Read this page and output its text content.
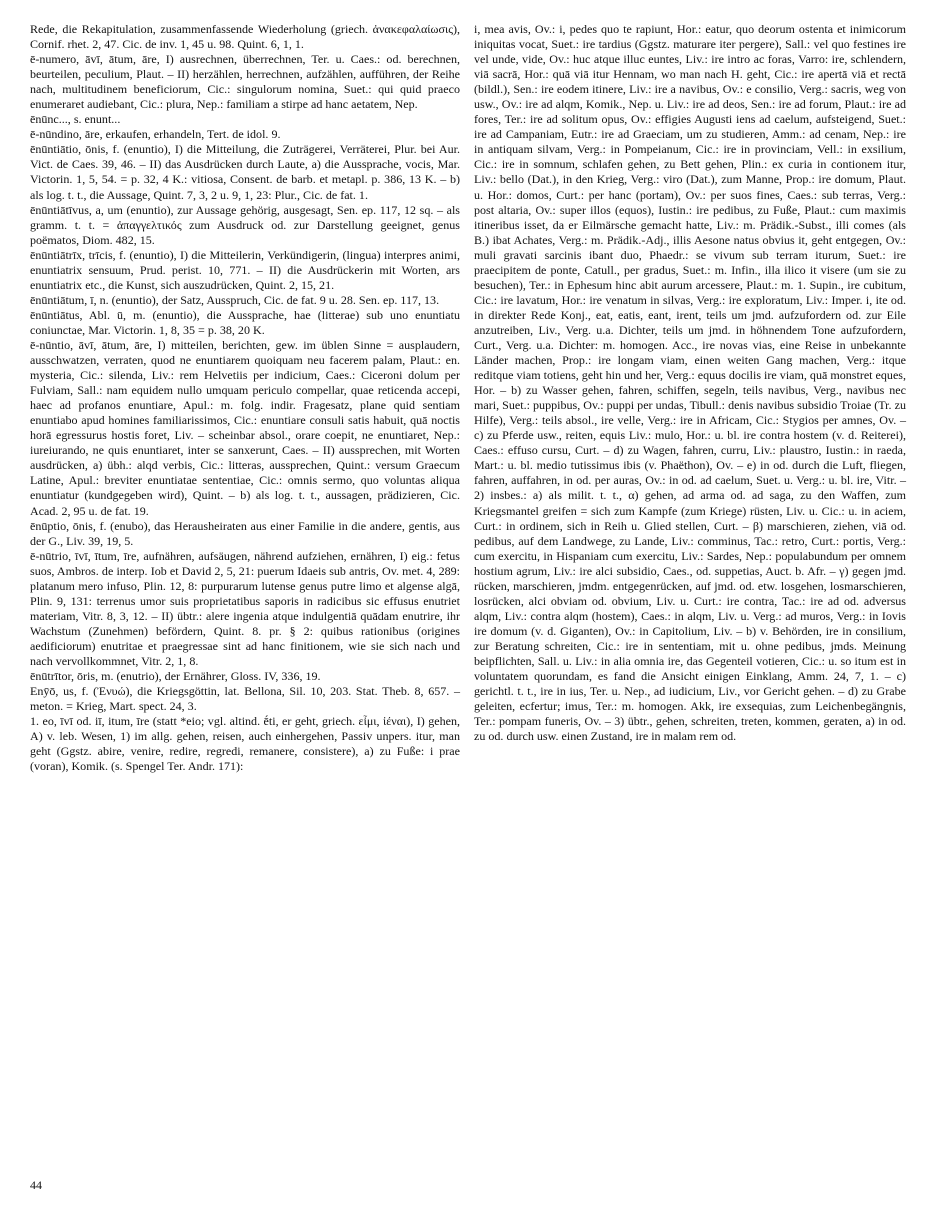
Rede, die Rekapitulation, zusammenfassende Wiederholung (griech. ἀνακεφαλαίωσις), Cornif. rhet. 2, 47. Cic. de inv. 1, 45 u. 98. Quint. 6, 1, 1.

ē-numero, āvī, ātum, āre, I) ausrechnen, überrechnen, Ter. u. Caes.: od. berechnen, beurteilen, peculium, Plaut. – II) herzählen, herrechnen, aufzählen, aufführen, der Reihe nach, multitudinem beneficiorum, Cic.: singulorum nomina, Suet.: qui quid praeco enumeraret audiebant, Cic.: plura, Nep.: familiam a stirpe ad hanc aetatem, Nep.

ēnūnc..., s. enunt...

ē-nūndino, āre, erkaufen, erhandeln, Tert. de idol. 9.

ēnūntiātio, ōnis, f. (enuntio), I) die Mitteilung, die Zuträgerei, Verräterei, Plur. bei Aur. Vict. de Caes. 39, 46. – II) das Ausdrücken durch Laute, a) die Aussprache, vocis, Mar. Victorin. 1, 5, 54. = p. 32, 4 K.: vitiosa, Consent. de barb. et metapl. p. 386, 13 K. – b) als log. t. t., die Aussage, Quint. 7, 3, 2 u. 9, 1, 23: Plur., Cic. de fat. 1.

ēnūntiātīvus, a, um (enuntio), zur Aussage gehörig, ausgesagt, Sen. ep. 117, 12 sq. – als gramm. t. t. = ἀπαγγελτικός zum Ausdruck od. zur Darstellung geeignet, genus poëmatos, Diom. 482, 15.

ēnūntiātrīx, trīcis, f. (enuntio), I) die Mitteilerin, Verkündigerin, (lingua) interpres animi, enuntiatrix sensuum, Prud. perist. 10, 771. – II) die Ausdrückerin mit Worten, ars enuntiatrix etc., die Kunst, sich auszudrücken, Quint. 2, 15, 21.

ēnūntiātum, ī, n. (enuntio), der Satz, Ausspruch, Cic. de fat. 9 u. 28. Sen. ep. 117, 13.

ēnūntiātus, Abl. ū, m. (enuntio), die Aussprache, hae (litterae) sub uno enuntiatu coniunctae, Mar. Victorin. 1, 8, 35 = p. 38, 20 K.

ē-nūntio, āvī, ātum, āre, I) mitteilen, berichten, gew. im üblen Sinne = ausplaudern, ausschwatzen, verraten, quod ne enuntiarem quoiquam neu facerem palam, Plaut.: en. mysteria, Cic.: silenda, Liv.: rem Helvetiis per indicium, Caes.: Ciceroni dolum per Fulviam, Sall.: nam equidem nullo umquam periculo compellar, quae reticenda accepi, haec ad profanos enuntiare, Apul.: m. folg. indir. Fragesatz, plane quid sentiam enuntiabo apud homines familiarissimos, Cic.: enuntiare consuli satis habuit, quā noctis horā egressurus hostis foret, Liv. – scheinbar absol., orare coepit, ne enuntiaret, Nep.: iureiurando, ne quis enuntiaret, inter se sanxerunt, Caes. – II) aussprechen, mit Worten ausdrücken, a) übh.: alqd verbis, Cic.: litteras, aussprechen, Quint.: versum Graecum Latine, Apul.: breviter enuntiatae sententiae, Cic.: omnis sermo, quo voluntas aliqua enuntiatur (kundgegeben wird), Quint. – b) als log. t. t., aussagen, prädizieren, Cic. Acad. 2, 95 u. de fat. 19.

ēnūptio, ōnis, f. (enubo), das Herausheiraten aus einer Familie in die andere, gentis, aus der G., Liv. 39, 19, 5.

ē-nūtrio, īvī, ītum, īre, aufnähren, aufsäugen, nährend aufziehen, ernähren, I) eig.: fetus suos, Ambros. de interp. Iob et David 2, 5, 21: puerum Idaeis sub antris, Ov. met. 4, 289: platanum mero infuso, Plin. 12, 8: purpurarum lutense genus putre limo et algense algā, Plin. 9, 131: terrenus umor suis proprietatibus saporis in radicibus sic effusus enutriet materiam, Vitr. 8, 3, 12. – II) übtr.: alere ingenia atque indulgentiā quādam enutrire, ihr Wachstum (Zunehmen) befördern, Quint. 8. pr. § 2: quibus rationibus (origines aedificiorum) enutritae et praegressae sint ad hanc finitionem, wie sie sich nach und nach vervollkommnet, Vitr. 2, 1, 8.

ēnūtrītor, ōris, m. (enutrio), der Ernährer, Gloss. IV, 336, 19.

Enȳō, us, f. (Ἐνυώ), die Kriegsgöttin, lat. Bellona, Sil. 10, 203. Stat. Theb. 8, 657. – meton. = Krieg, Mart. spect. 24, 3.

1. eo, īvī od. iī, itum, īre (statt *eio; vgl. altind. ḗti, er geht, griech. εἶμι, ἰέναι), I) gehen, A) v. leb. Wesen, 1) im allg. gehen, reisen, auch einhergehen, Passiv unpers. itur, man geht (Ggstz. abire, venire, redire, regredi, remanere, consistere), a) zu Fuße: i prae (voran), Komik. (s. Spengel Ter. Andr. 171):

i, mea avis, Ov.: i, pedes quo te rapiunt, Hor.: eatur, quo deorum ostenta et inimicorum iniquitas vocat, Suet.: ire tardius (Ggstz. maturare iter pergere), Sall.: vel quo festines ire vel unde, vide, Ov.: huc atque illuc euntes, Liv.: ire intro ac foras, Varro: ire, schlendern, viā sacrā, Hor.: quā viā itur Hennam, wo man nach H. geht, Cic.: ire apertā viā et rectā (bildl.), Sen.: ire eodem itinere, Liv.: ire a navibus, Ov.: e consilio, Verg.: sacris, weg von usw., Ov.: ire ad alqm, Komik., Nep. u. Liv.: ire ad deos, Sen.: ire ad forum, Plaut.: ire ad fores, Ter.: ire ad solitum opus, Ov.: effigies Augusti iens ad caelum, aufsteigend, Suet.: ire ad Campaniam, Eutr.: ire ad Graeciam, um zu studieren, Amm.: ad cenam, Nep.: ire in antiquam silvam, Verg.: in Pompeianum, Cic.: ire in provinciam, Vell.: in exsilium, Cic.: ire in somnum, schlafen gehen, zu Bett gehen, Plin.: ex curia in contionem itur, Liv.: bello (Dat.), in den Krieg, Verg.: viro (Dat.), zum Manne, Prop.: ire domum, Plaut. u. Hor.: domos, Curt.: per hanc (portam), Ov.: per suos fines, Caes.: sub terras, Verg.: post altaria, Ov.: super illos (equos), Iustin.: ire pedibus, zu Fuße, Plaut.: cum maximis itineribus isset, da er Eilmärsche gemacht hatte, Liv.: m. Prädik.-Subst., illi comes (als B.) ibat Achates, Verg.: m. Prädik.-Adj., illis Aesone natus obvius it, geht entgegen, Ov.: muli gravati sarcinis ibant duo, Phaedr.: se vivum sub terram iturum, Suet.: ire praecipitem de ponte, Catull., per gradus, Suet.: m. Infin., illa ilico it visere (um sie zu besuchen), Ter.: in Ephesum hinc abit aurum arcessere, Plaut.: m. 1. Supin., ire cubitum, Cic.: ire lavatum, Hor.: ire venatum in silvas, Verg.: ire exploratum, Liv.: Imper. i, ite od. in direkter Rede Konj., eat, eatis, eant, irent, teils um jmd. aufzufordern od. zur Eile anzutreiben, Liv., Verg. u.a. Dichter, teils um jmd. in höhnendem Tone aufzufordern, Curt., Verg. u.a. Dichter: m. homogen. Acc., ire novas vias, eine Reise in unbekannte Länder machen, Prop.: ire longam viam, einen weiten Gang machen, Verg.: itque reditque viam totiens, geht hin und her, Verg.: equus docilis ire viam, quā monstret eques, Hor. – b) zu Wasser gehen, fahren, schiffen, segeln, teils navibus, Verg., navibus nec mari, Suet.: puppibus, Ov.: puppi per undas, Tibull.: denis navibus subsidio Troiae (Tr. zu Hilfe), Verg.: teils absol., ire velle, Verg.: ire in Africam, Cic.: Stygios per amnes, Ov. – c) zu Pferde usw., reiten, equis Liv.: mulo, Hor.: u. bl. ire contra hostem (v. d. Reiterei), Caes.: effuso cursu, Curt. – d) zu Wagen, fahren, curru, Liv.: plaustro, Iustin.: in raeda, Mart.: u. bl. medio tutissimus ibis (v. Phaëthon), Ov. – e) in od. durch die Luft, fliegen, fahren, auffahren, in od. per auras, Ov.: in od. ad caelum, Suet. u. Verg.: u. bl. ire, Vitr. – 2) insbes.: a) als milit. t. t., α) gehen, ad arma od. ad saga, zu den Waffen, zum Kriegsmantel greifen = sich zum Kampfe (zum Kriege) rüsten, Liv. u. Cic.: u. in aciem, Curt.: in ordinem, sich in Reih u. Glied stellen, Curt. – β) marschieren, ziehen, viā od. pedibus, auf dem Landwege, zu Lande, Liv.: comminus, Tac.: retro, Curt.: portis, Verg.: cum exercitu, in Hispaniam cum exercitu, Liv.: Sardes, Nep.: populabundum per omnem hostium agrum, Liv.: ire alci subsidio, Caes., od. suppetias, Auct. b. Afr. – γ) gegen jmd. rücken, marschieren, jmdm. entgegenrücken, auf jmd. od. etw. losgehen, losmarschieren, losrücken, alci obviam od. obvium, Liv. u. Curt.: ire contra, Tac.: ire ad od. adversus alqm, Liv.: contra alqm (hostem), Caes.: in alqm, Liv. u. Verg.: ad muros, Verg.: in Iovis ire domum (v. d. Giganten), Ov.: in Capitolium, Liv. – b) v. Behörden, ire in consilium, zur Beratung schreiten, Cic.: ire in sententiam, mit u. ohne pedibus, jmds. Meinung beipflichten, Sall. u. Liv.: in alia omnia ire, das Gegenteil votieren, Cic.: u. so itum est in voluntatem quorundam, es fand die Ansicht einigen Einklang, Amm. 24, 7, 1. – c) gerichtl. t. t., ire in ius, Ter. u. Nep., ad iudicium, Liv., vor Gericht gehen. – d) zu Grabe geleiten, ecfertur; imus, Ter.: m. homogen. Akk, ire exsequias, zum Leichenbegängnis, Ter.: pompam funeris, Ov. – 3) übtr., gehen, schreiten, treten, kommen, geraten, a) in od. zu od. durch usw. einen Zustand, ire in malam rem od.

44
